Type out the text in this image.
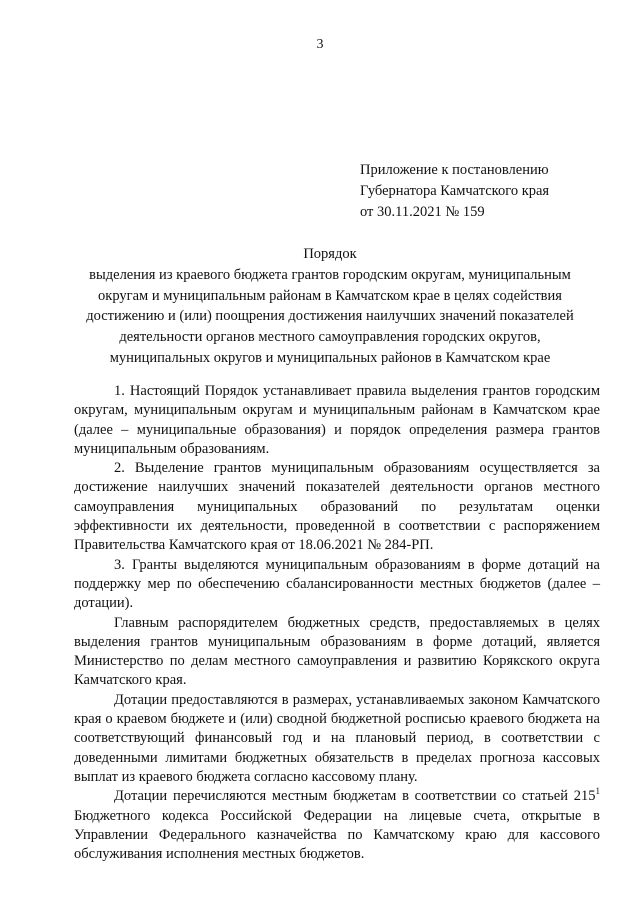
3
Приложение к постановлению
Губернатора Камчатского края
от 30.11.2021 № 159
Порядок
выделения из краевого бюджета грантов городским округам, муниципальным
округам и муниципальным районам в Камчатском крае в целях содействия
достижению и (или) поощрения достижения наилучших значений показателей
деятельности органов местного самоуправления городских округов,
муниципальных округов и муниципальных районов в Камчатском крае

1. Настоящий Порядок устанавливает правила выделения грантов городским округам, муниципальным округам и муниципальным районам в Камчатском крае (далее – муниципальные образования) и порядок определения размера грантов муниципальным образованиям.

2. Выделение грантов муниципальным образованиям осуществляется за достижение наилучших значений показателей деятельности органов местного самоуправления муниципальных образований по результатам оценки эффективности их деятельности, проведенной в соответствии с распоряжением Правительства Камчатского края от 18.06.2021 № 284-РП.

3. Гранты выделяются муниципальным образованиям в форме дотаций на поддержку мер по обеспечению сбалансированности местных бюджетов (далее – дотации).

Главным распорядителем бюджетных средств, предоставляемых в целях выделения грантов муниципальным образованиям в форме дотаций, является Министерство по делам местного самоуправления и развитию Корякского округа Камчатского края.

Дотации предоставляются в размерах, устанавливаемых законом Камчатского края о краевом бюджете и (или) сводной бюджетной росписью краевого бюджета на соответствующий финансовый год и на плановый период, в соответствии с доведенными лимитами бюджетных обязательств в пределах прогноза кассовых выплат из краевого бюджета согласно кассовому плану.

Дотации перечисляются местным бюджетам в соответствии со статьей $215^1$ Бюджетного кодекса Российской Федерации на лицевые счета, открытые в Управлении Федерального казначейства по Камчатскому краю для кассового обслуживания исполнения местных бюджетов.
